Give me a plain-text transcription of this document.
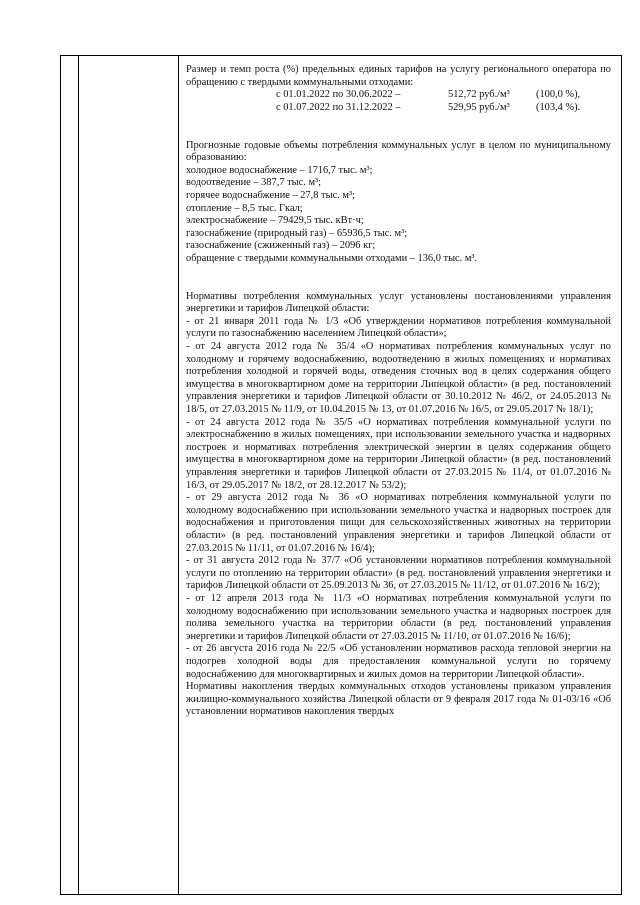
Размер и темп роста (%) предельных единых тарифов на услугу регионального оператора по обращению с твердыми коммунальными отходами:

с 01.01.2022 по 30.06.2022 –	512,72 руб./м³	(100,0 %),
с 01.07.2022 по 31.12.2022 –	529,95 руб./м³	(103,4 %).

Прогнозные годовые объемы потребления коммунальных услуг в целом по муниципальному образованию:

холодное водоснабжение – 1716,7 тыс. м³;

водоотведение – 387,7 тыс. м³;

горячее водоснабжение – 27,8 тыс. м³;

отопление – 8,5 тыс. Гкал;

электроснабжение – 79429,5 тыс. кВт·ч;

газоснабжение (природный газ) – 65936,5 тыс. м³;

газоснабжение (сжиженный газ) – 2096 кг;

обращение с твердыми коммунальными отходами – 136,0 тыс. м³.

Нормативы потребления коммунальных услуг установлены постановлениями управления энергетики и тарифов Липецкой области:

- от 21 января 2011 года № 1/3 «Об утверждении нормативов потребления коммунальной услуги по газоснабжению населением Липецкой области»;

- от 24 августа 2012 года № 35/4 «О нормативах потребления коммунальных услуг по холодному и горячему водоснабжению, водоотведению в жилых помещениях и нормативах потребления холодной и горячей воды, отведения сточных вод в целях содержания общего имущества в многоквартирном доме на территории Липецкой области» (в ред. постановлений управления энергетики и тарифов Липецкой области от 30.10.2012 № 46/2, от 24.05.2013 № 18/5, от 27.03.2015 № 11/9, от 10.04.2015 № 13, от 01.07.2016 № 16/5, от 29.05.2017 № 18/1);

- от 24 августа 2012 года № 35/5 «О нормативах потребления коммунальной услуги по электроснабжению в жилых помещениях, при использовании земельного участка и надворных построек и нормативах потребления электрической энергии в целях содержания общего имущества в многоквартирном доме на территории Липецкой области» (в ред. постановлений управления энергетики и тарифов Липецкой области от 27.03.2015 № 11/4, от 01.07.2016 № 16/3, от 29.05.2017 № 18/2, от 28.12.2017 № 53/2);

- от 29 августа 2012 года № 36 «О нормативах потребления коммунальной услуги по холодному водоснабжению при использовании земельного участка и надворных построек для водоснабжения и приготовления пищи для сельскохозяйственных животных на территории области» (в ред. постановлений управления энергетики и тарифов Липецкой области от 27.03.2015 № 11/11, от 01.07.2016 № 16/4);

- от 31 августа 2012 года № 37/7 «Об установлении нормативов потребления коммунальной услуги по отоплению на территории области» (в ред. постановлений управления энергетики и тарифов Липецкой области от 25.09.2013 № 36, от 27.03.2015 № 11/12, от 01.07.2016 № 16/2);

- от 12 апреля 2013 года № 11/3 «О нормативах потребления коммунальной услуги по холодному водоснабжению при использовании земельного участка и надворных построек для полива земельного участка на территории области (в ред. постановлений управления энергетики и тарифов Липецкой области от 27.03.2015 № 11/10, от 01.07.2016 № 16/6);

- от 26 августа 2016 года № 22/5 «Об установлении нормативов расхода тепловой энергии на подогрев холодной воды для предоставления коммунальной услуги по горячему водоснабжению для многоквартирных и жилых домов на территории Липецкой области».

Нормативы накопления твердых коммунальных отходов установлены приказом управления жилищно-коммунального хозяйства Липецкой области от 9 февраля 2017 года № 01-03/16 «Об установлении нормативов накопления твердых
